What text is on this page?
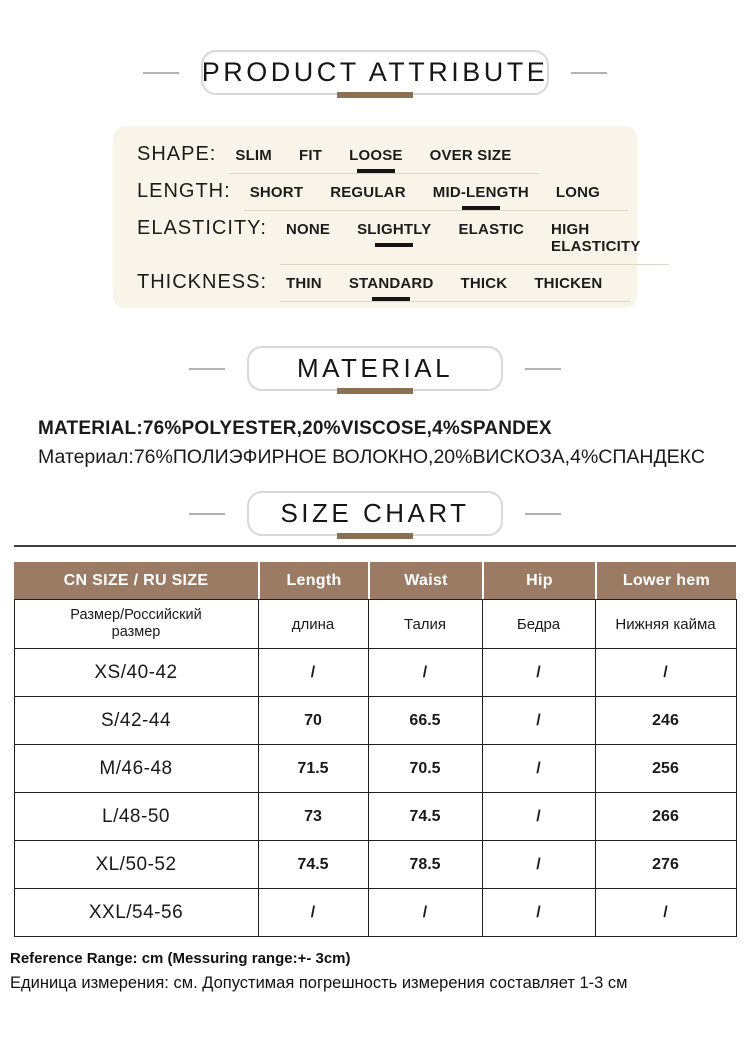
PRODUCT ATTRIBUTE
SHAPE: SLIM FIT LOOSE OVER SIZE
LENGTH: SHORT REGULAR MID-LENGTH LONG
ELASTICITY: NONE SLIGHTLY ELASTIC HIGH ELASTICITY
THICKNESS: THIN STANDARD THICK THICKEN
MATERIAL
MATERIAL:76%POLYESTER,20%VISCOSE,4%SPANDEX
Материал:76%ПОЛИЭФИРНОЕ ВОЛОКНО,20%ВИСКОЗА,4%СПАНДЕКС
SIZE CHART
CN SIZE / RU SIZE	Length	Waist	Hip	Lower hem
Размер/Российский размер	длина	Талия	Бедра	Нижняя кайма
XS/40-42	/	/	/	/
S/42-44	70	66.5	/	246
M/46-48	71.5	70.5	/	256
L/48-50	73	74.5	/	266
XL/50-52	74.5	78.5	/	276
XXL/54-56	/	/	/	/
Reference Range: cm (Messuring range:+- 3cm)
Единица измерения: см. Допустимая погрешность измерения составляет 1-3 см
